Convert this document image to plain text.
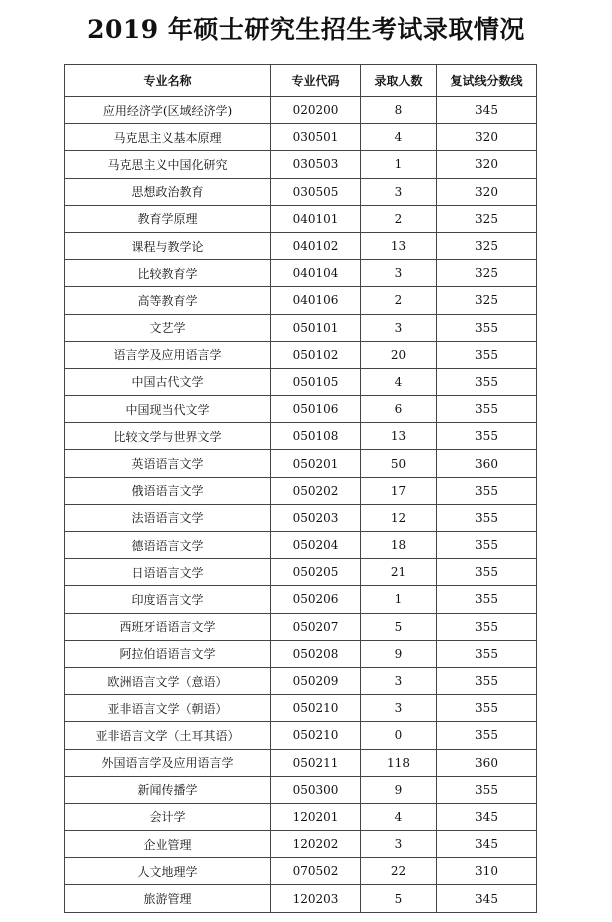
2019 年硕士研究生招生考试录取情况
专业名称	专业代码	录取人数	复试线分数线
应用经济学(区域经济学)	020200	8	345
马克思主义基本原理	030501	4	320
马克思主义中国化研究	030503	1	320
思想政治教育	030505	3	320
教育学原理	040101	2	325
课程与教学论	040102	13	325
比较教育学	040104	3	325
高等教育学	040106	2	325
文艺学	050101	3	355
语言学及应用语言学	050102	20	355
中国古代文学	050105	4	355
中国现当代文学	050106	6	355
比较文学与世界文学	050108	13	355
英语语言文学	050201	50	360
俄语语言文学	050202	17	355
法语语言文学	050203	12	355
德语语言文学	050204	18	355
日语语言文学	050205	21	355
印度语言文学	050206	1	355
西班牙语语言文学	050207	5	355
阿拉伯语语言文学	050208	9	355
欧洲语言文学（意语）	050209	3	355
亚非语言文学（朝语）	050210	3	355
亚非语言文学（土耳其语）	050210	0	355
外国语言学及应用语言学	050211	118	360
新闻传播学	050300	9	355
会计学	120201	4	345
企业管理	120202	3	345
人文地理学	070502	22	310
旅游管理	120203	5	345
